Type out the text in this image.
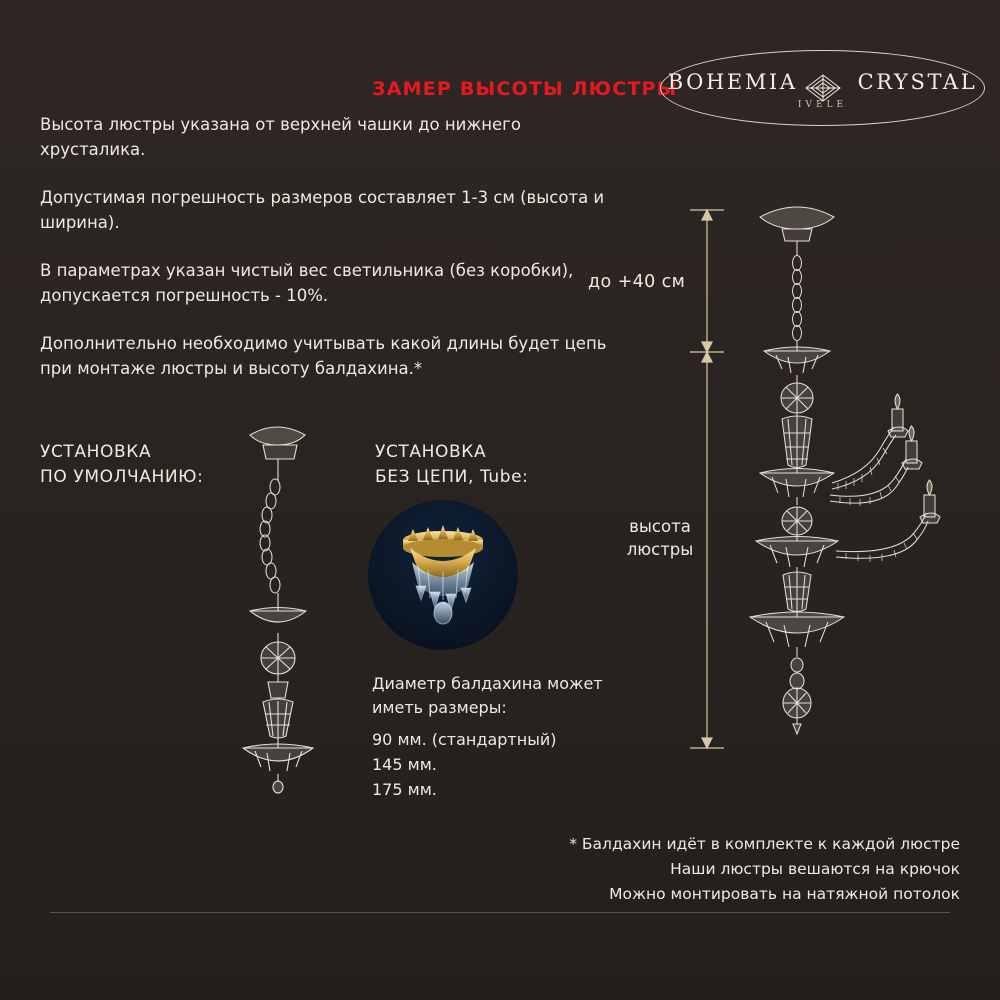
ЗАМЕР ВЫСОТЫ ЛЮСТРЫ
BOHEMIA	CRYSTAL
IVELE

Высота люстры указана от верхней чашки до нижнего хрусталика.

Допустимая погрешность размеров составляет 1-3 см (высота и ширина).

В параметрах указан чистый вес светильника (без коробки), допускается погрешность - 10%.

Дополнительно необходимо учитывать какой длины будет цепь при монтаже люстры и высоту балдахина.*

УСТАНОВКА
ПО УМОЛЧАНИЮ:
УСТАНОВКА
БЕЗ ЦЕПИ, Tube:
Диаметр балдахина может
иметь размеры:
90 мм. (стандартный)
145 мм.
175 мм.
* Балдахин идёт в комплекте к каждой люстре
Наши люстры вешаются на крючок
Можно монтировать на натяжной потолок
до +40 см
высота
люстры
